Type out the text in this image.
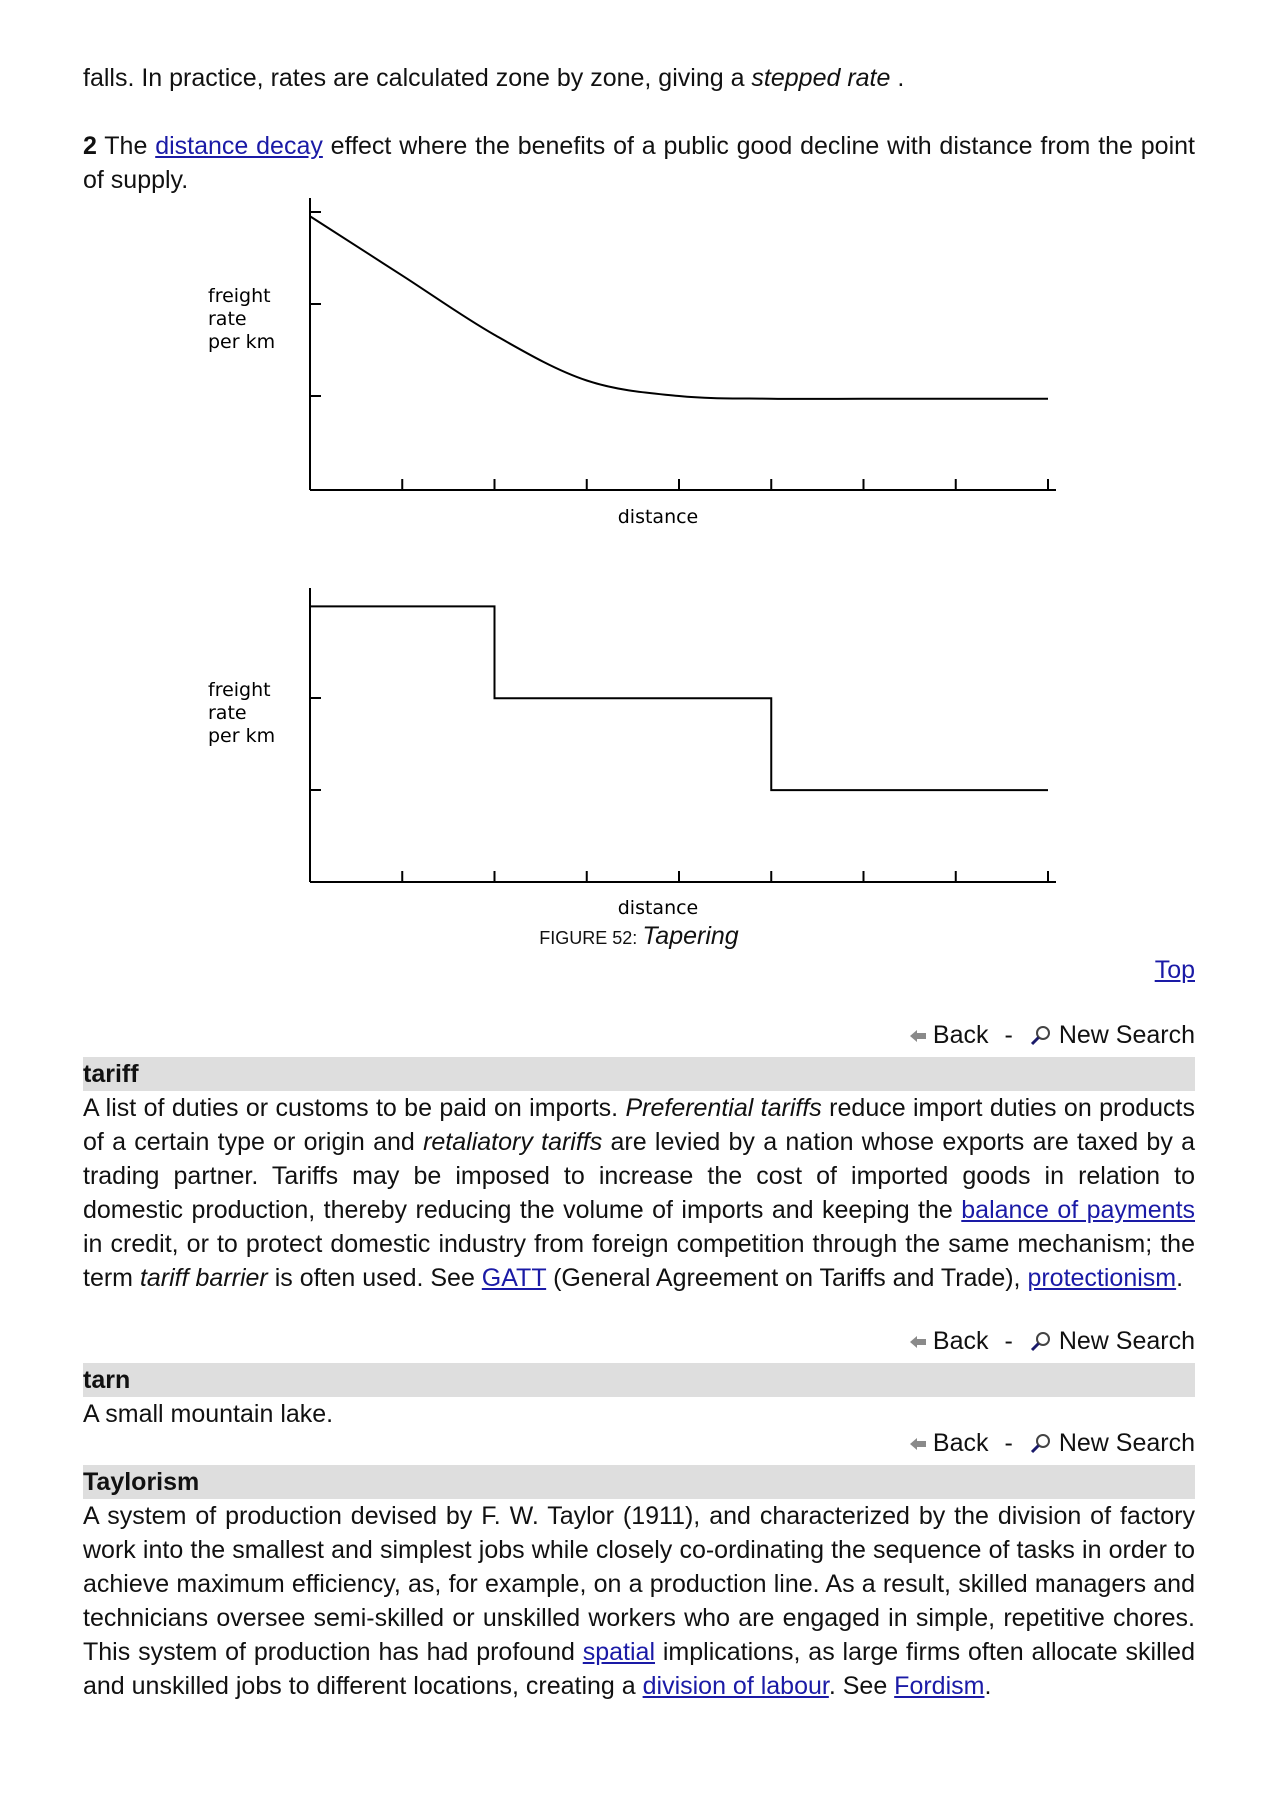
falls. In practice, rates are calculated zone by zone, giving a stepped rate .

2 The distance decay effect where the benefits of a public good decline with distance from the point of supply.

freight
rate
per km
distance
freight
rate
per km
distance
FIGURE 52: Tapering
Top
Back - New Search
tariff

A list of duties or customs to be paid on imports. Preferential tariffs reduce import duties on products of a certain type or origin and retaliatory tariffs are levied by a nation whose exports are taxed by a trading partner. Tariffs may be imposed to increase the cost of imported goods in relation to domestic production, thereby reducing the volume of imports and keeping the balance of payments in credit, or to protect domestic industry from foreign competition through the same mechanism; the term tariff barrier is often used. See GATT (General Agreement on Tariffs and Trade), protectionism.

Back - New Search
tarn

A small mountain lake.

Back - New Search
Taylorism

A system of production devised by F. W. Taylor (1911), and characterized by the division of factory work into the smallest and simplest jobs while closely co-ordinating the sequence of tasks in order to achieve maximum efficiency, as, for example, on a production line. As a result, skilled managers and technicians oversee semi-skilled or unskilled workers who are engaged in simple, repetitive chores. This system of production has had profound spatial implications, as large firms often allocate skilled and unskilled jobs to different locations, creating a division of labour. See Fordism.
